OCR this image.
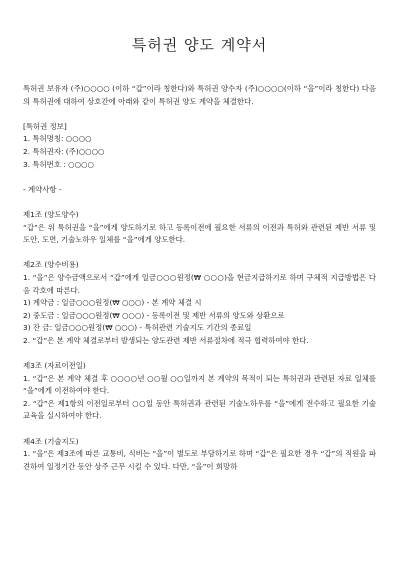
특허권 양도 계약서

특허권 보유자 (주)○○○○ (이하 “갑”이라 칭한다)와 특허권 양수자 (주)○○○○(이하 “을”이라 칭한다) 다음의 특허권에 대하여 상호간에 아래와 같이 특허권 양도 계약을 체결한다.

[특허권 정보]

1. 특허명칭: ○○○○

2. 특허권자: (주)○○○○

3. 특허번호 : ○○○○

- 계약사항 -

제1조 (양도양수)

“갑”은 위 특허권을 “을”에게 양도하기로 하고 등록이전에 필요한 서류의 이전과 특허와 관련된 제반 서류 및 도안, 도면, 기술노하우 일체를 “을”에게 양도한다.

제2조 (양수비용)

1. “을”은 양수금액으로서 “갑”에게 일금○○○원정(₩ ○○○)을 현금지급하기로 하며 구체적 지급방법은 다음 각호에 따른다.

1) 계약금 : 일금○○○원정(₩ ○○○) - 본 계약 체결 시

2) 중도금 : 일금○○○원정(₩ ○○○) - 등록이전 및 제반 서류의 양도와 상환으로

3) 잔 금: 일금○○○원정(₩ ○○○) - 특허관련 기술지도 기간의 종료일

2. “갑”은 본 계약 체결로부터 발생되는 양도관련 제반 서류절차에 적극 협력하여야 한다.

제3조 (자료이전일)

1. “갑”은 본 계약 체결 후 ○○○○년 ○○월 ○○일까지 본 계약의 목적이 되는 특허권과 관련된 자료 일체를 “을”에게 이전하여야 한다.

2. “갑”은 제1항의 이전일로부터 ○○일 동안 특허권과 관련된 기술노하우를 “을”에게 전수하고 필요한 기술교육을 실시하여야 한다.

제4조 (기술지도)

1. “을”은 제3조에 따른 교통비, 식비는 “을”이 별도로 부담하기로 하며 “갑”은 필요한 경우 “갑”의 직원을 파견하여 일정기간 동안 상주 근무 시킬 수 있다. 다만, “을”이 희망하
